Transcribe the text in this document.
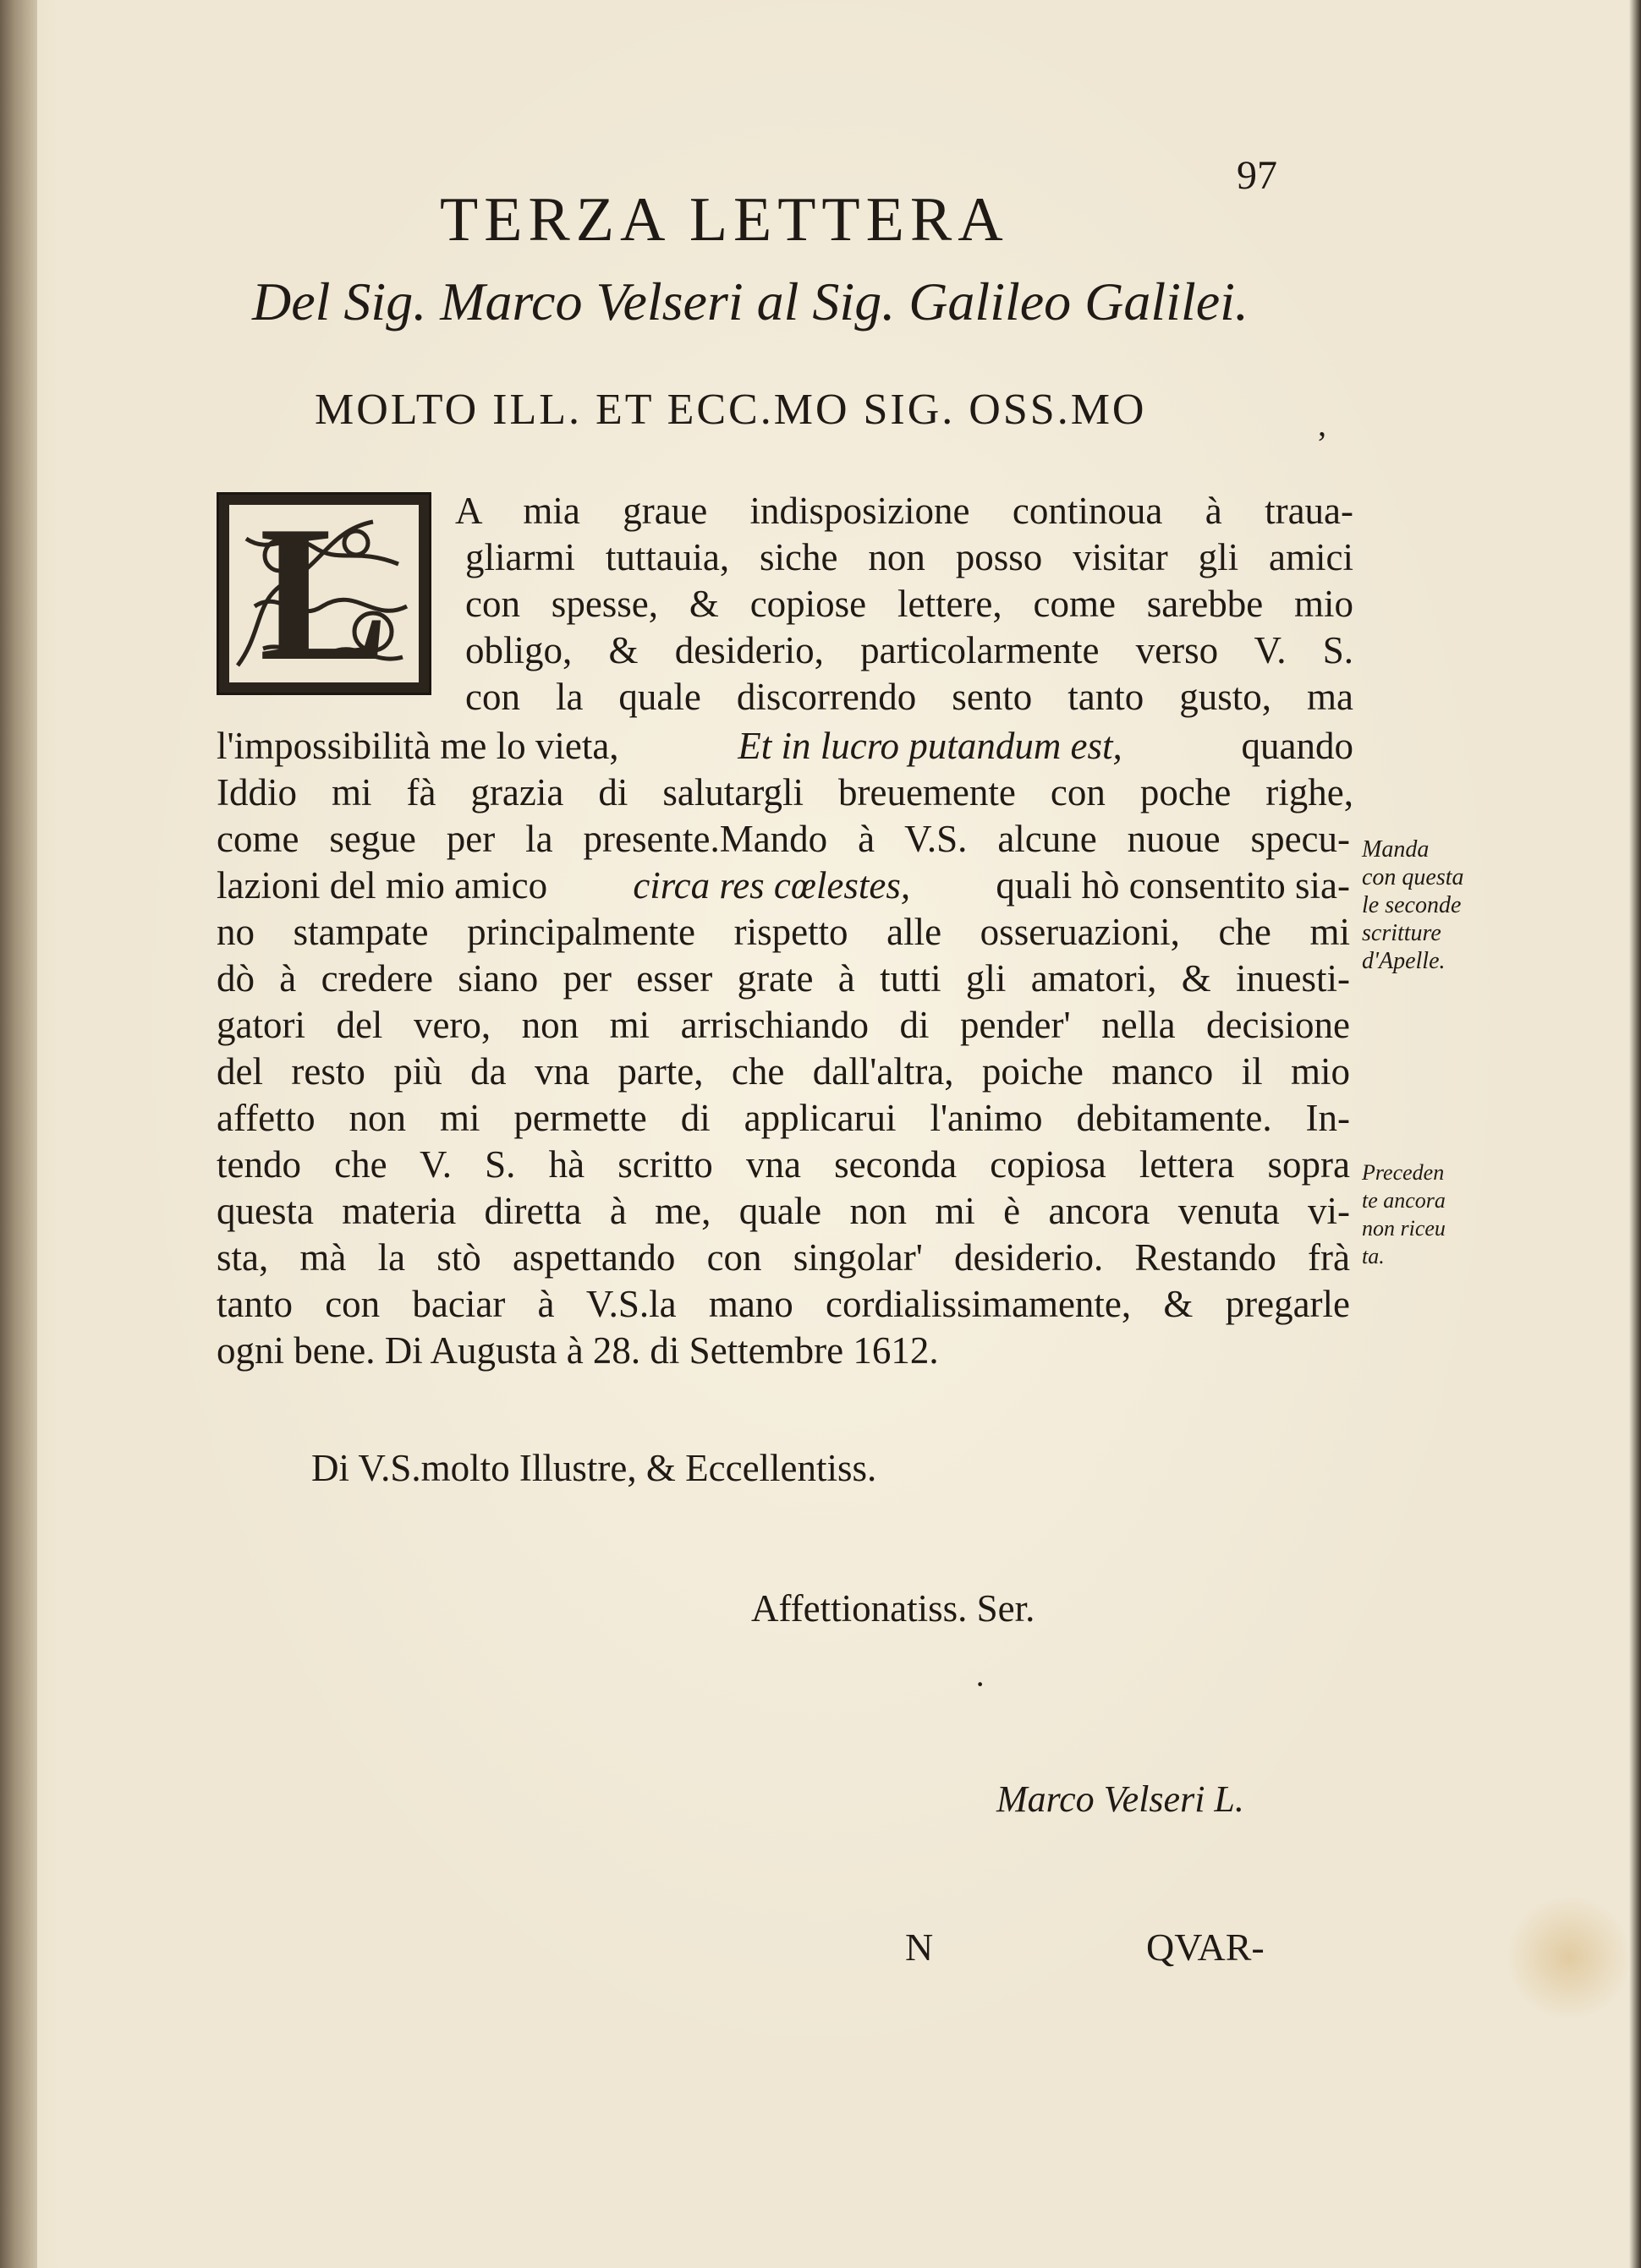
97
TERZA LETTERA
Del Sig. Marco Velseri al Sig. Galileo Galilei.
MOLTO ILL. ET ECC.MO SIG. OSS.MO	,
L A mia graue indisposizione continoua à traua-
gliarmi tuttauia, siche non posso visitar gli amici
con spesse, & copiose lettere, come sarebbe mio
obligo, & desiderio, particolarmente verso V. S.
con la quale discorrendo sento tanto gusto, ma
l'impossibilità me lo vieta,	Et in lucro putandum est,	quando
Iddio mi fà grazia di salutargli breuemente con poche righe,
come segue per la presente.Mando à V.S. alcune nuoue specu-
lazioni del mio amico circa res cœlestes, quali hò consentito sia-
no stampate principalmente rispetto alle osseruazioni, che mi
dò à credere siano per esser grate à tutti gli amatori, & inuesti-
gatori del vero, non mi arrischiando di pender' nella decisione
del resto più da vna parte, che dall'altra, poiche manco il mio
affetto non mi permette di applicarui l'animo debitamente. In-
tendo che V. S. hà scritto vna seconda copiosa lettera sopra
questa materia diretta à me, quale non mi è ancora venuta vi-
sta, mà la stò aspettando con singolar' desiderio. Restando frà
tanto con baciar à V.S.la mano cordialissimamente, & pregarle
ogni bene. Di Augusta à 28. di Settembre 1612.
Manda
con questa
le seconde
scritture
d'Apelle.
Preceden
te ancora
non riceu
ta.
Di V.S.molto Illustre, & Eccellentiss.
Affettionatiss. Ser.
·
Marco Velseri L.
N	QVAR-
